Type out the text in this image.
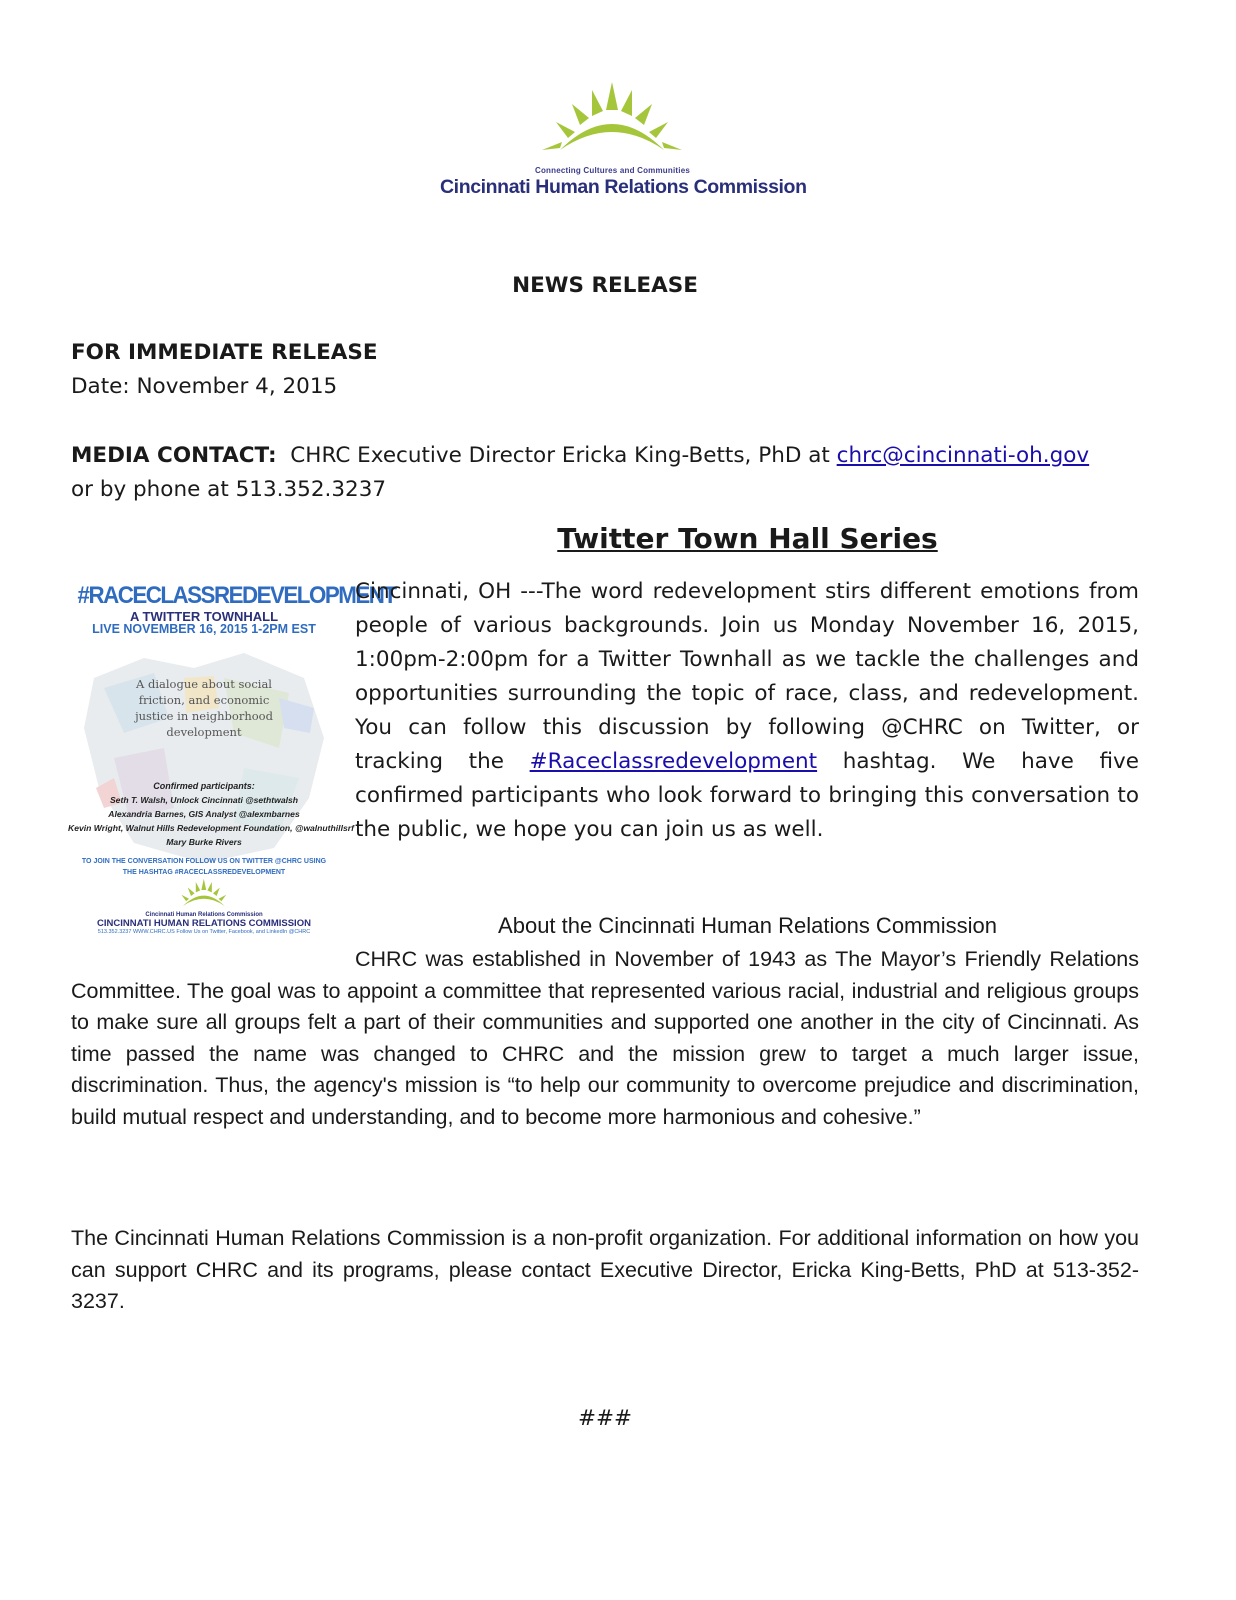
Connecting Cultures and Communities
Cincinnati Human Relations Commission
NEWS RELEASE
FOR IMMEDIATE RELEASE
Date: November 4, 2015
MEDIA CONTACT:  CHRC Executive Director Ericka King-Betts, PhD at chrc@cincinnati-oh.gov
or by phone at 513.352.3237
Twitter Town Hall Series
#RACECLASSREDEVELOPMENT
A TWITTER TOWNHALL
LIVE NOVEMBER 16, 2015 1-2PM EST
A dialogue about social friction, and economic justice in neighborhood development
Confirmed participants:
Seth T. Walsh, Unlock Cincinnati @sethtwalsh
Alexandria Barnes, GIS Analyst @alexmbarnes
Kevin Wright, Walnut Hills Redevelopment Foundation, @walnuthillsrf
Mary Burke Rivers
TO JOIN THE CONVERSATION FOLLOW US ON TWITTER @CHRC USING THE HASHTAG #RACECLASSREDEVELOPMENT
Cincinnati Human Relations Commission
CINCINNATI HUMAN RELATIONS COMMISSION
513.352.3237 WWW.CHRC.US Follow Us on Twitter, Facebook, and LinkedIn @CHRC
Cincinnati, OH ---The word redevelopment stirs different emotions from people of various backgrounds. Join us Monday November 16, 2015, 1:00pm-2:00pm for a Twitter Townhall as we tackle the challenges and opportunities surrounding the topic of race, class, and redevelopment. You can follow this discussion by following @CHRC on Twitter, or tracking the #Raceclassredevelopment hashtag. We have five confirmed participants who look forward to bringing this conversation to the public, we hope you can join us as well.
About the Cincinnati Human Relations Commission
CHRC was established in November of 1943 as The Mayor’s Friendly Relations Committee. The goal was to appoint a committee that represented various racial, industrial and religious groups to make sure all groups felt a part of their communities and supported one another in the city of Cincinnati. As time passed the name was changed to CHRC and the mission grew to target a much larger issue, discrimination. Thus, the agency's mission is “to help our community to overcome prejudice and discrimination, build mutual respect and understanding, and to become more harmonious and cohesive.”
The Cincinnati Human Relations Commission is a non-profit organization. For additional information on how you can support CHRC and its programs, please contact Executive Director, Ericka King-Betts, PhD at 513-352-3237.
###
